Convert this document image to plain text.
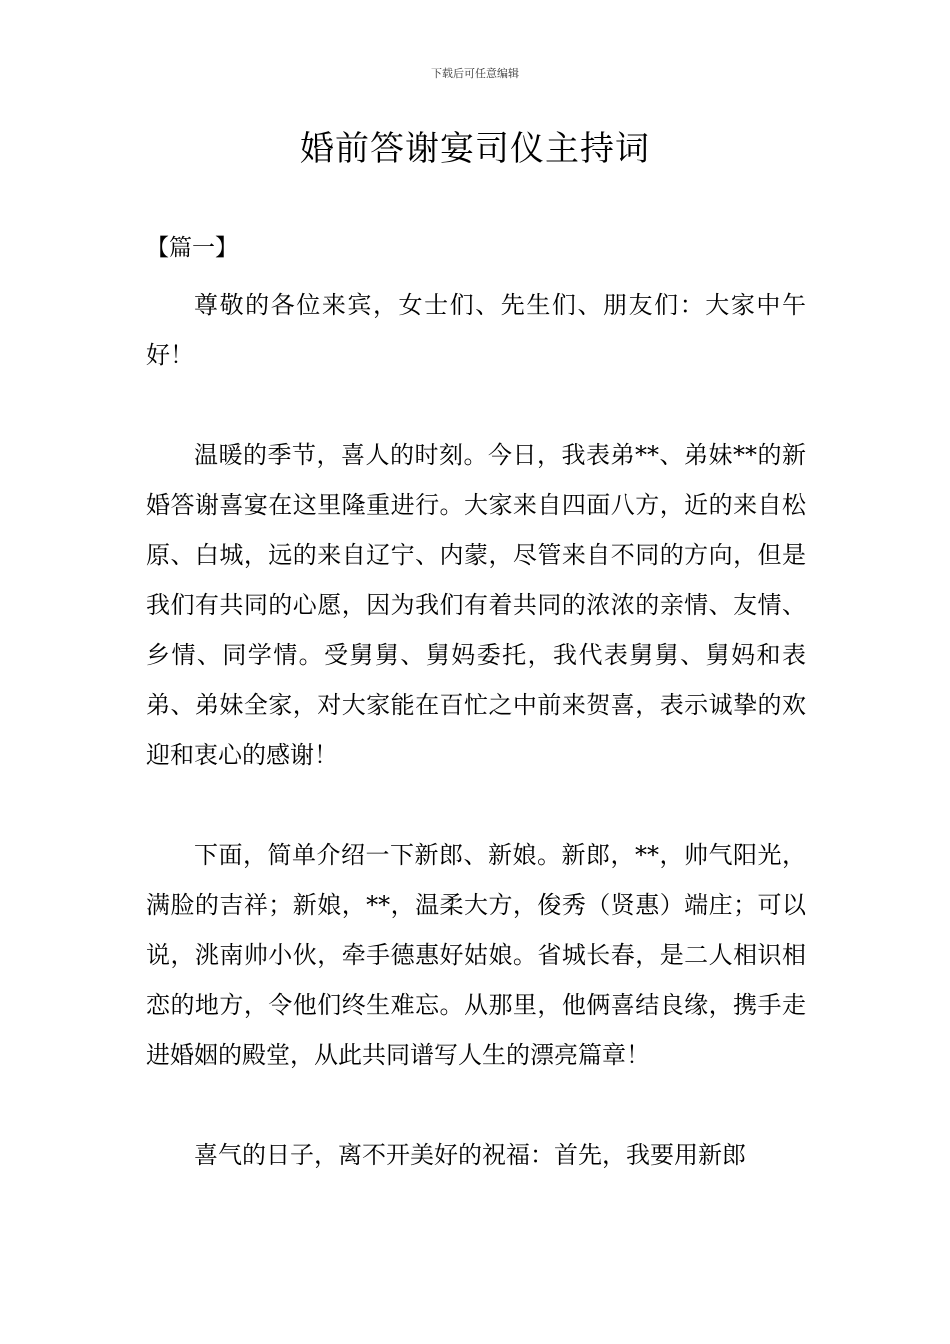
下载后可任意编辑
婚前答谢宴司仪主持词
【篇一】

尊敬的各位来宾，女士们、先生们、朋友们：大家中午好！

温暖的季节，喜人的时刻。今日，我表弟**、弟妹**的新婚答谢喜宴在这里隆重进行。大家来自四面八方，近的来自松原、白城，远的来自辽宁、内蒙，尽管来自不同的方向，但是我们有共同的心愿，因为我们有着共同的浓浓的亲情、友情、乡情、同学情。受舅舅、舅妈委托，我代表舅舅、舅妈和表弟、弟妹全家，对大家能在百忙之中前来贺喜，表示诚挚的欢迎和衷心的感谢！

下面，简单介绍一下新郎、新娘。新郎，**，帅气阳光，满脸的吉祥；新娘，**，温柔大方，俊秀（贤惠）端庄；可以说，洮南帅小伙，牵手德惠好姑娘。省城长春，是二人相识相恋的地方，令他们终生难忘。从那里，他俩喜结良缘，携手走进婚姻的殿堂，从此共同谱写人生的漂亮篇章！

喜气的日子，离不开美好的祝福：首先，我要用新郎
